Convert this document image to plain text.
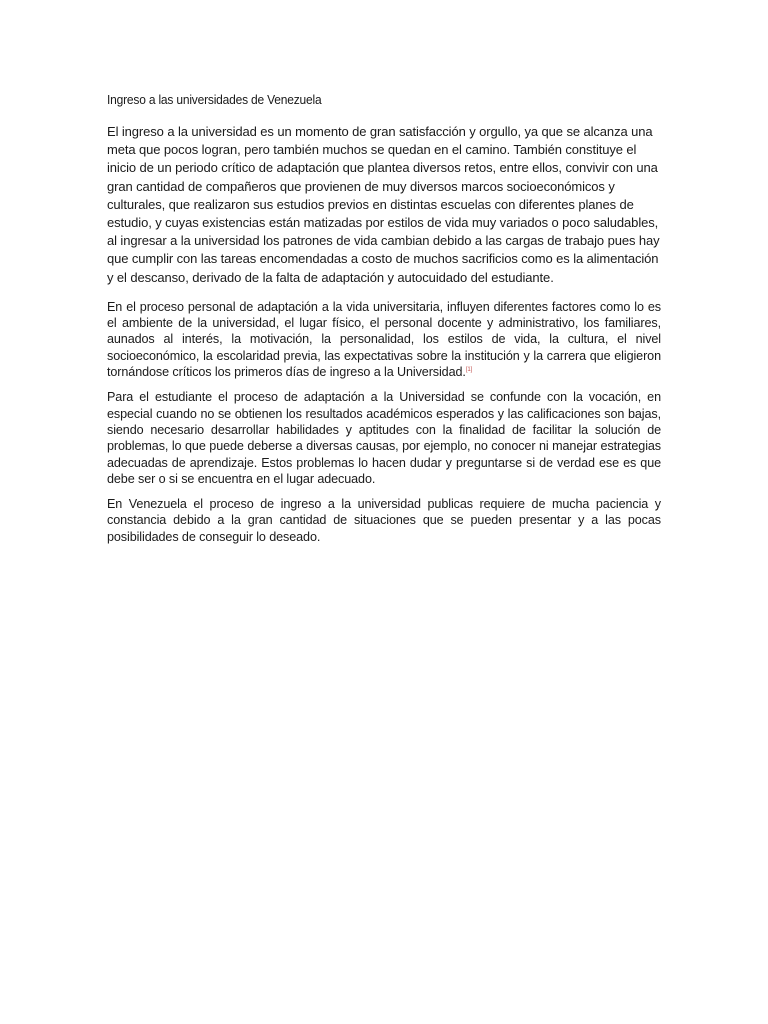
Ingreso a las universidades de Venezuela

El ingreso a la universidad es un momento de gran satisfacción y orgullo, ya que se alcanza una meta que pocos logran, pero también muchos se quedan en el camino. También constituye el inicio de un periodo crítico de adaptación que plantea diversos retos, entre ellos, convivir con una gran cantidad de compañeros que provienen de muy diversos marcos socioeconómicos y culturales, que realizaron sus estudios previos en distintas escuelas con diferentes planes de estudio, y cuyas existencias están matizadas por estilos de vida muy variados o poco saludables, al ingresar a la universidad los patrones de vida cambian debido a las cargas de trabajo pues hay que cumplir con las tareas encomendadas a costo de muchos sacrificios como es la alimentación y el descanso, derivado de la falta de adaptación y autocuidado del estudiante.

En el proceso personal de adaptación a la vida universitaria, influyen diferentes factores como lo es el ambiente de la universidad, el lugar físico, el personal docente y administrativo, los familiares, aunados al interés, la motivación, la personalidad, los estilos de vida, la cultura, el nivel socioeconómico, la escolaridad previa, las expectativas sobre la institución y la carrera que eligieron tornándose críticos los primeros días de ingreso a la Universidad.[1]

Para el estudiante el proceso de adaptación a la Universidad se confunde con la vocación, en especial cuando no se obtienen los resultados académicos esperados y las calificaciones son bajas, siendo necesario desarrollar habilidades y aptitudes con la finalidad de facilitar la solución de problemas, lo que puede deberse a diversas causas, por ejemplo, no conocer ni manejar estrategias adecuadas de aprendizaje. Estos problemas lo hacen dudar y preguntarse si de verdad ese es que debe ser o si se encuentra en el lugar adecuado.

En Venezuela el proceso de ingreso a la universidad publicas requiere de mucha paciencia y constancia debido a la gran cantidad de situaciones que se pueden presentar y a las pocas posibilidades de conseguir lo deseado.
